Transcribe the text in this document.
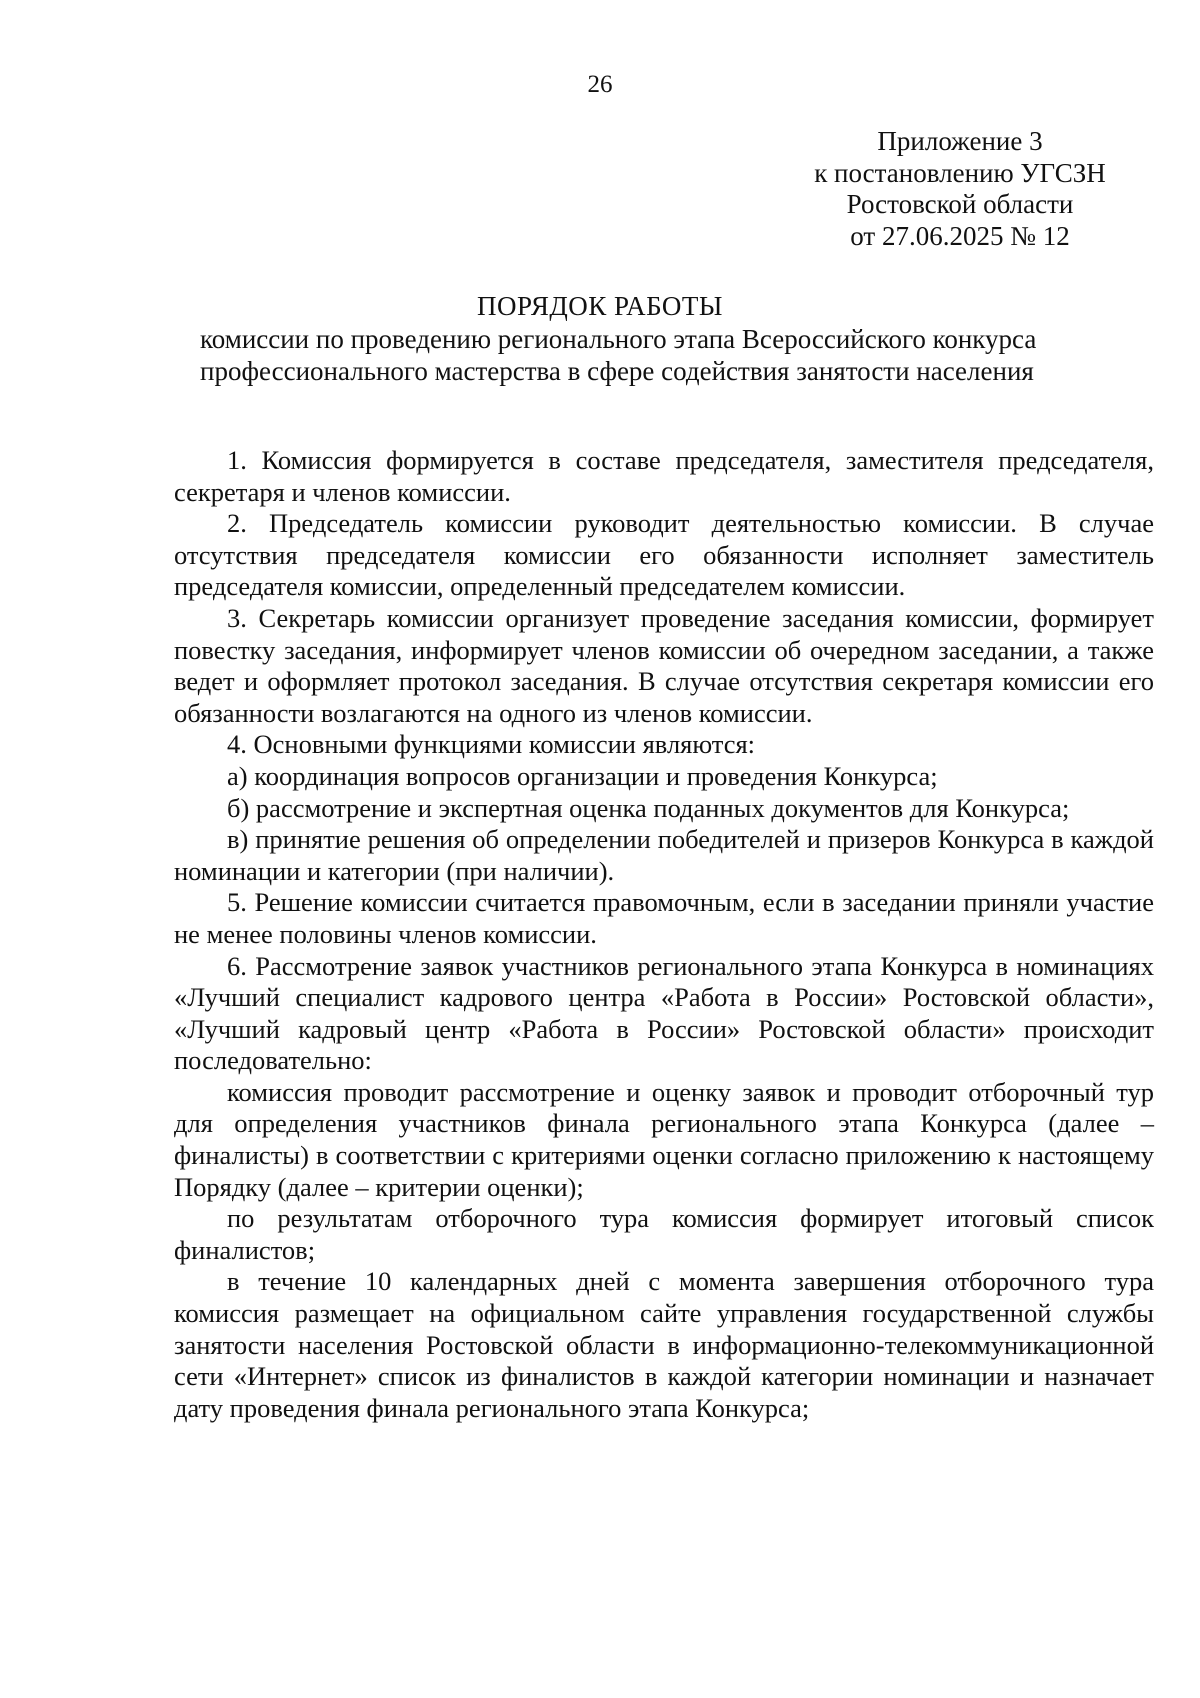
26
Приложение 3
к постановлению УГСЗН
Ростовской области
от 27.06.2025 № 12
ПОРЯДОК РАБОТЫ
комиссии по проведению регионального этапа Всероссийского конкурса
профессионального мастерства в сфере содействия занятости населения

1. Комиссия формируется в составе председателя, заместителя председателя, секретаря и членов комиссии.

2. Председатель комиссии руководит деятельностью комиссии. В случае отсутствия председателя комиссии его обязанности исполняет заместитель председателя комиссии, определенный председателем комиссии.

3. Секретарь комиссии организует проведение заседания комиссии, формирует повестку заседания, информирует членов комиссии об очередном заседании, а также ведет и оформляет протокол заседания. В случае отсутствия секретаря комиссии его обязанности возлагаются на одного из членов комиссии.

4. Основными функциями комиссии являются:

а) координация вопросов организации и проведения Конкурса;

б) рассмотрение и экспертная оценка поданных документов для Конкурса;

в) принятие решения об определении победителей и призеров Конкурса в каждой номинации и категории (при наличии).

5. Решение комиссии считается правомочным, если в заседании приняли участие не менее половины членов комиссии.

6. Рассмотрение заявок участников регионального этапа Конкурса в номинациях «Лучший специалист кадрового центра «Работа в России» Ростовской области», «Лучший кадровый центр «Работа в России» Ростовской области» происходит последовательно:

комиссия проводит рассмотрение и оценку заявок и проводит отборочный тур для определения участников финала регионального этапа Конкурса (далее – финалисты) в соответствии с критериями оценки согласно приложению к настоящему Порядку (далее – критерии оценки);

по результатам отборочного тура комиссия формирует итоговый список финалистов;

в течение 10 календарных дней с момента завершения отборочного тура комиссия размещает на официальном сайте управления государственной службы занятости населения Ростовской области в информационно-телекоммуникационной сети «Интернет» список из финалистов в каждой категории номинации и назначает дату проведения финала регионального этапа Конкурса;
